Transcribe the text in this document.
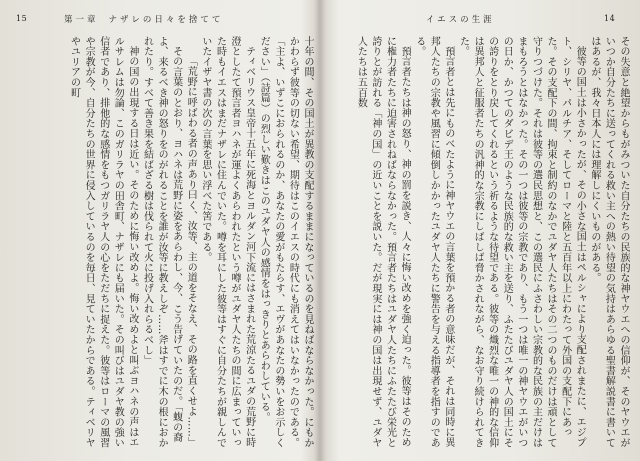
15	第一章 ナザレの日々を捨てて

十年の間、その国土が異教の支配するままになっているのを見ねばならなかった。にもかかわらず彼等の切ない希望、期待はこのイエスの時代にも消えてはいなかったのである。「主よ、いずこにおられるのか、あなたの愛がもたらす、エヴがあなたの勢いをお示しください」（詩篇）の烈しい歎きはこのユダヤ人の感情をはっきりとあらわしている。

ティベリウス皇帝十五年に死海とヨルダン河下流にはさまれた荒涼たるユダの荒野に時澄としたて預言者ヨハネが運よくあらわれたという噂がユダヤ人たちの間に広まっていった時もイエスはまだナザレに住んでいた。噂を耳にした彼等はすぐに自分たちが親しんでいたイザヤ書の次の言葉を思い浮べた筈である。

「荒野に呼ばわる者の声あり曰く、汝等、主の道をそなえ、その路を直くせよ……」

その言葉のとおり、ヨハネは荒野に姿をあらわし、今、こう告げていたのだ。「蝮の裔よ、来るべき神の怒りをのがれることを誰が汝等に教えしぞ……斧はすでに木の根におかれたり。すべて善き果を結ばざる樹は伐られて火に投げ入れらるべし」

神の国の出現する日は近い。そのために悔い改めよ。悔い改めよと叫ぶヨハネの声はエルサレムは勿論、このガリラヤの田舎町、ナザレにも届いた。その叫びはユダヤ教の強い信者であり、排他的な感情をもつガリラヤ人の心をただちに捉えた。彼等はローマの風習や宗教が今、自分たちの世界に侵入しているのを毎日、見ていたからである。ティベリヤやユリアの町

イエスの生涯	14

その失意と絶望からもがみついた自分たちの民族的な神ヤウエへの信仰が、そのヤウエがいつか自分たちに送ってくれる救い主への熱い待望の気持はあらゆる聖書解説書に書いてはあるが、我々日本人には理解しにくいものがある。

彼等の国土は小さかったが、その小さな国土はペルシャにより支配されまたに、エジプト、シリヤ、パルチア、そしてローマと陸と五百年以上にわたって外国の支配下にあった。その支配下の間、拘束と制約のなかでユダヤ人たちはその二つのものだけは頑として守りつづけた。それは彼等の選民思想と、この選民にふさわしい宗教的な民族の主だけはまもろうとはなかった。その一つは彼等の宗教であり、もう一つは唯一の神ヤウエがいつの日か、かつてのダビデ王のような民族的な救い主を送り、ふたたびユダヤ人の国土にその誇りをとり戻してくれるという祈るような待望である。彼等の熾烈な唯一の神的な信仰は異邦人と征服者たちの汎神的な宗教にしばしば脅かされながら、なお守り続けられてきた。

預言者とは先にものべたように神ヤウエの言葉を預かる者の意味だが、それは同時に異邦人たちの宗教や風習に傾倒しかかったユダヤ人たちに警告を与える指導者を指すのである。

預言者たちは神の怒り、神の罰を説き、人々に悔い改めを強く迫った。彼等はそのために権力者たちに迫害されねばならなかった。預言者たちはユダヤ人たちにふたたび栄光と誇りとが訪れる「神の国」の近いことを説いた。だが現実には神の国は出現せず、ユダヤ人たちは五百数
